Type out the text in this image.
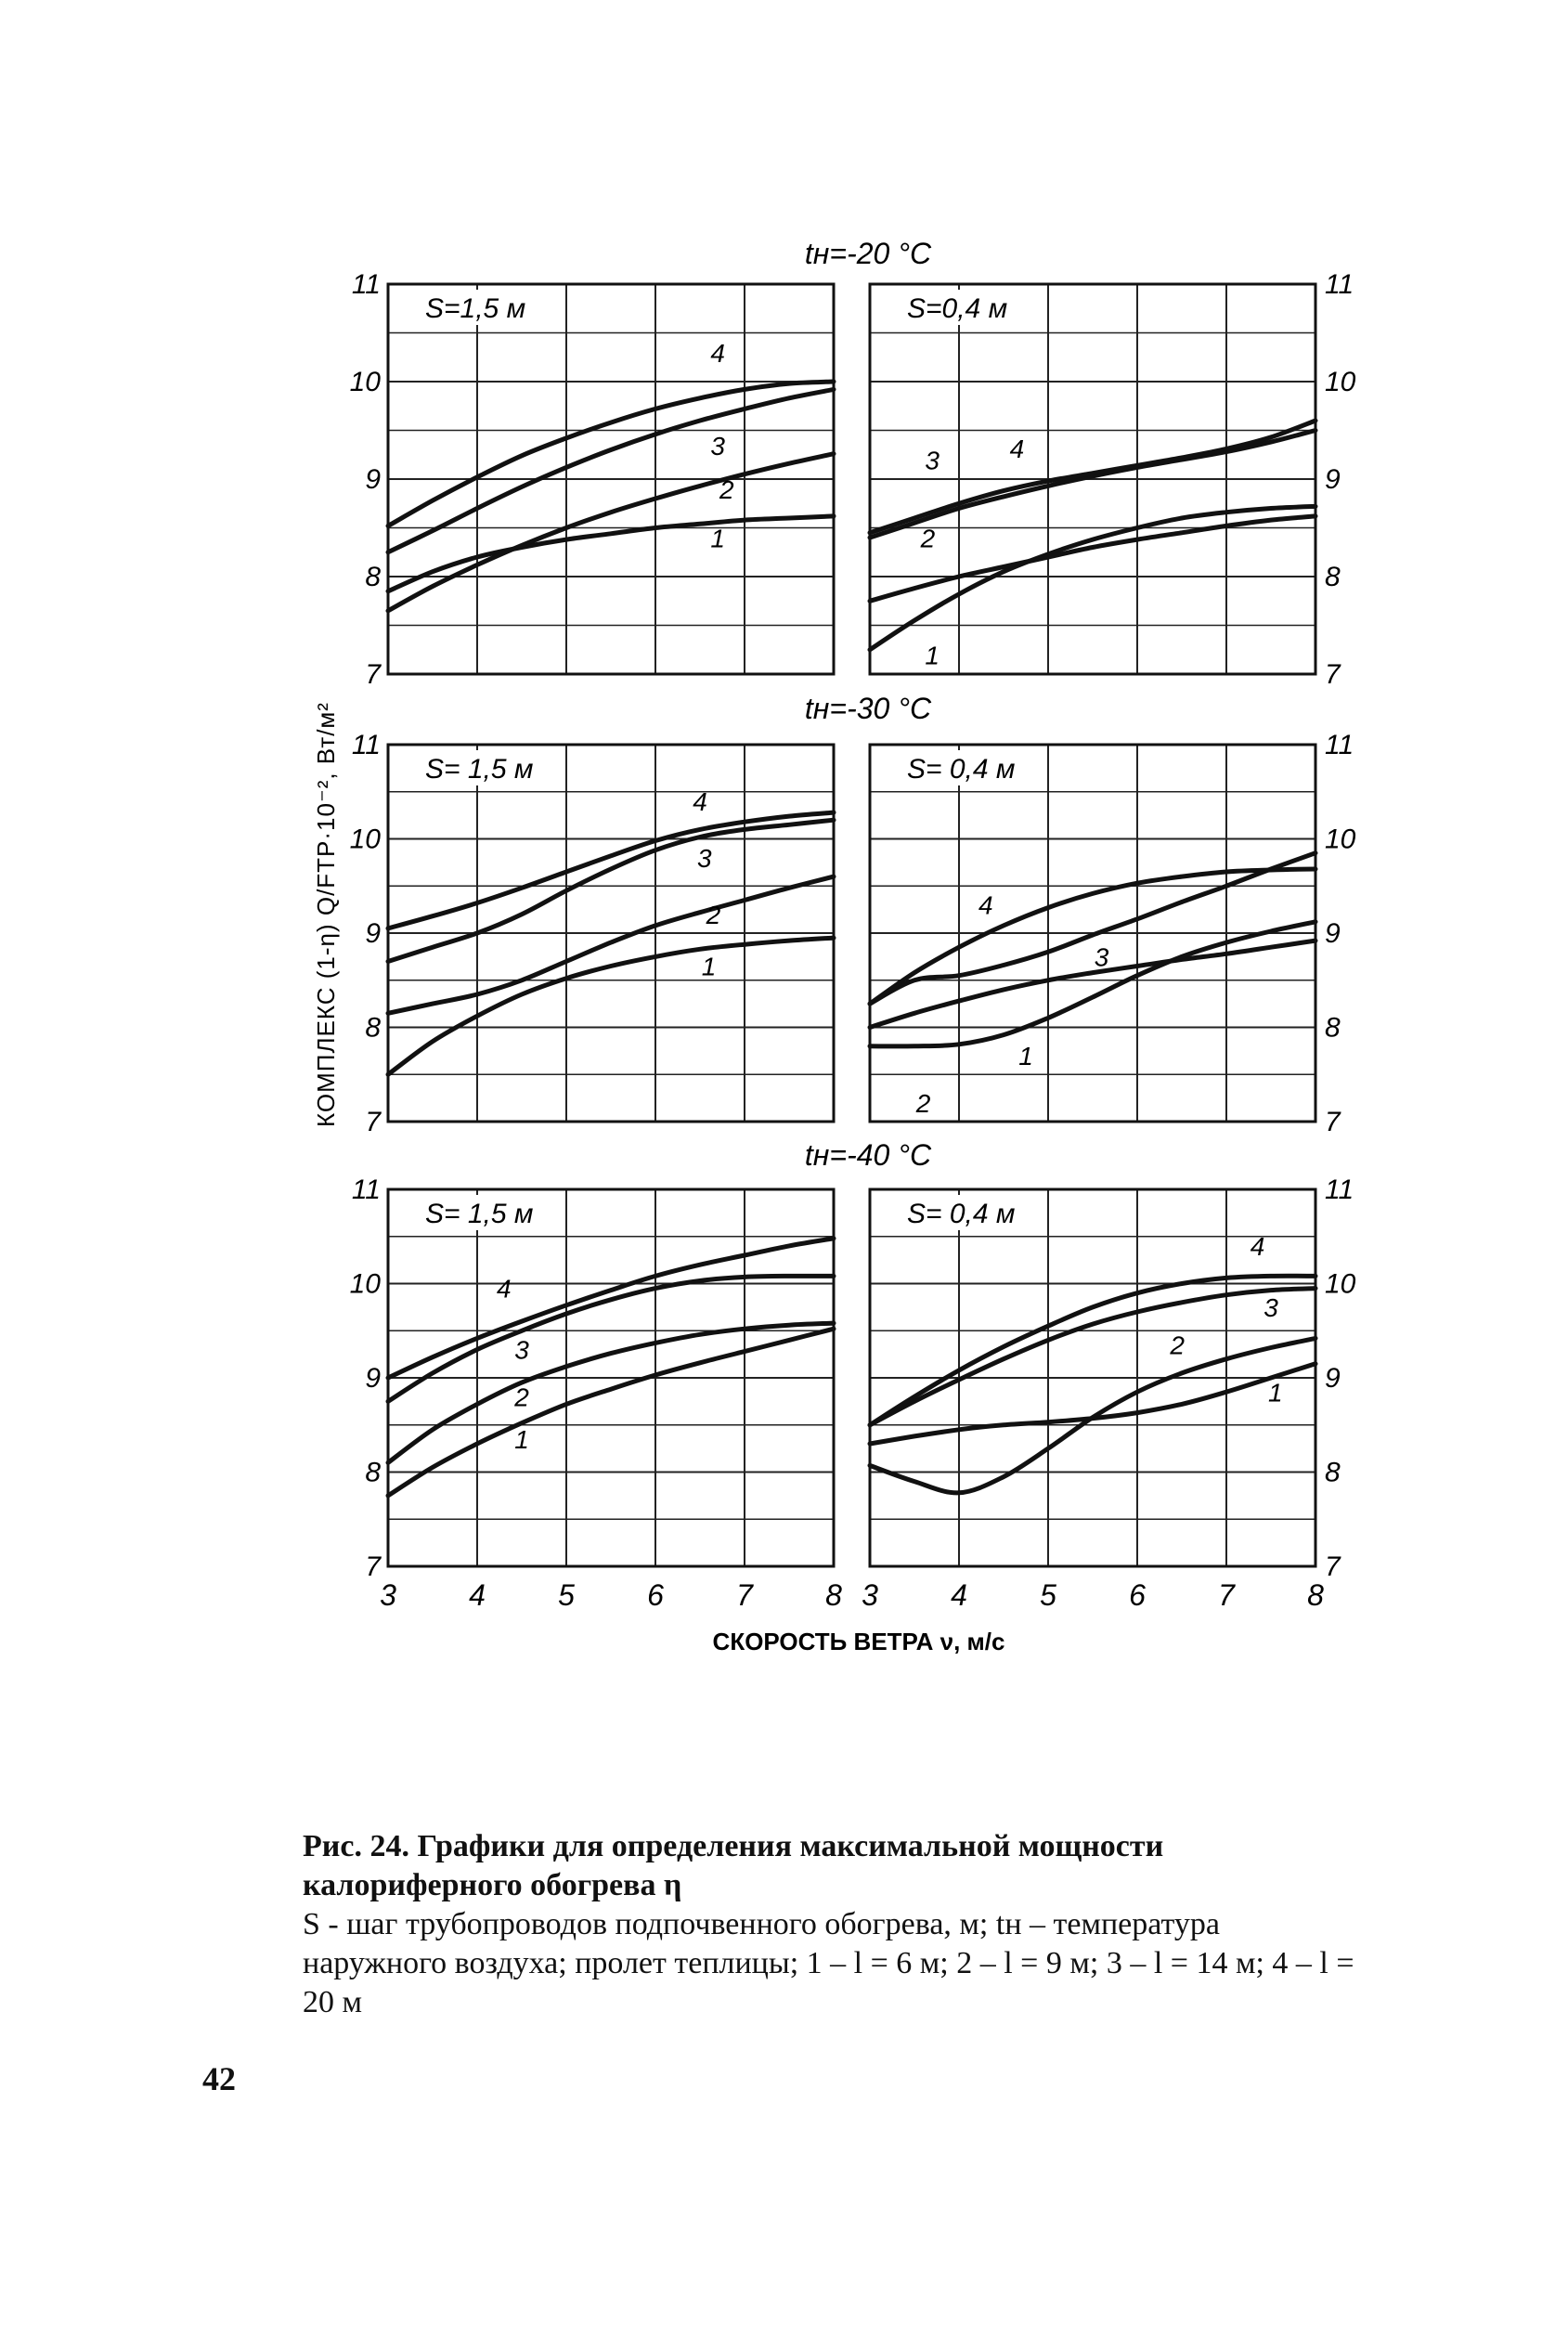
7
8
9
10
11
tн=-20 °C
S=1,5 м
1
2
3
4
7
8
9
10
11
S=0,4 м
1
2
3	4
7
8
9
10
11
tн=-30 °C
S= 1,5 м
1
2
3
4
7
8
9
10
11
S= 0,4 м
1
2
3
4
7
8
9
10
11
3 4 5 6 7 8
tн=-40 °C
S= 1,5 м
1
2
3
4
7
8
9
10
11
3 4 5 6 7 8
S= 0,4 м
1
2
3
4
КОМПЛЕКС (1-η) Q/FТР·10⁻², Вт/м²
СКОРОСТЬ ВЕТРА ν, м/с

Рис. 24. Графики для определения максимальной мощности калориферного обогрева η

S - шаг трубопроводов подпочвенного обогрева, м; tн – температура наружного воздуха; пролет теплицы; 1 – l = 6 м; 2 – l = 9 м; 3 – l = 14 м; 4 – l = 20 м

42
